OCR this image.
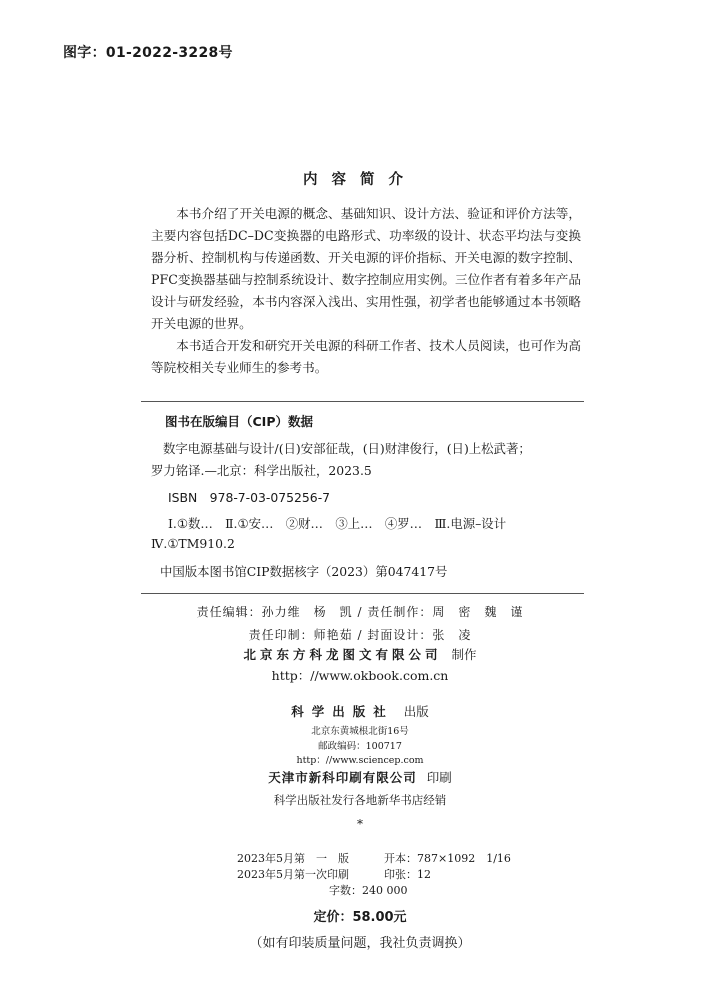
图字：01-2022-3228号
内容简介

本书介绍了开关电源的概念、基础知识、设计方法、验证和评价方法等，主要内容包括DC–DC变换器的电路形式、功率级的设计、状态平均法与变换器分析、控制机构与传递函数、开关电源的评价指标、开关电源的数字控制、PFC变换器基础与控制系统设计、数字控制应用实例。三位作者有着多年产品设计与研发经验，本书内容深入浅出、实用性强，初学者也能够通过本书领略开关电源的世界。

本书适合开发和研究开关电源的科研工作者、技术人员阅读，也可作为高等院校相关专业师生的参考书。

图书在版编目（CIP）数据
数字电源基础与设计/(日)安部征哉，(日)财津俊行，(日)上松武著；
罗力铭译.—北京：科学出版社，2023.5
ISBN　978-7-03-075256-7
Ⅰ.①数…　Ⅱ.①安…　②财…　③上…　④罗…　Ⅲ.电源–设计
Ⅳ.①TM910.2
中国版本图书馆CIP数据核字（2023）第047417号
责任编辑：孙力维　杨　凯 / 责任制作：周　密　魏　谨
责任印制：师艳茹 / 封面设计：张　凌
北京东方科龙图文有限公司 制作
http：//www.okbook.com.cn
科学出版社 出版
北京东黄城根北街16号
邮政编码：100717
http：//www.sciencep.com
天津市新科印刷有限公司 印刷
科学出版社发行各地新华书店经销
*
2023年5月第　一　版	开本：787×1092　1/16
2023年5月第一次印刷	印张：12
字数：240 000
定价：58.00元
（如有印装质量问题，我社负责调换）
